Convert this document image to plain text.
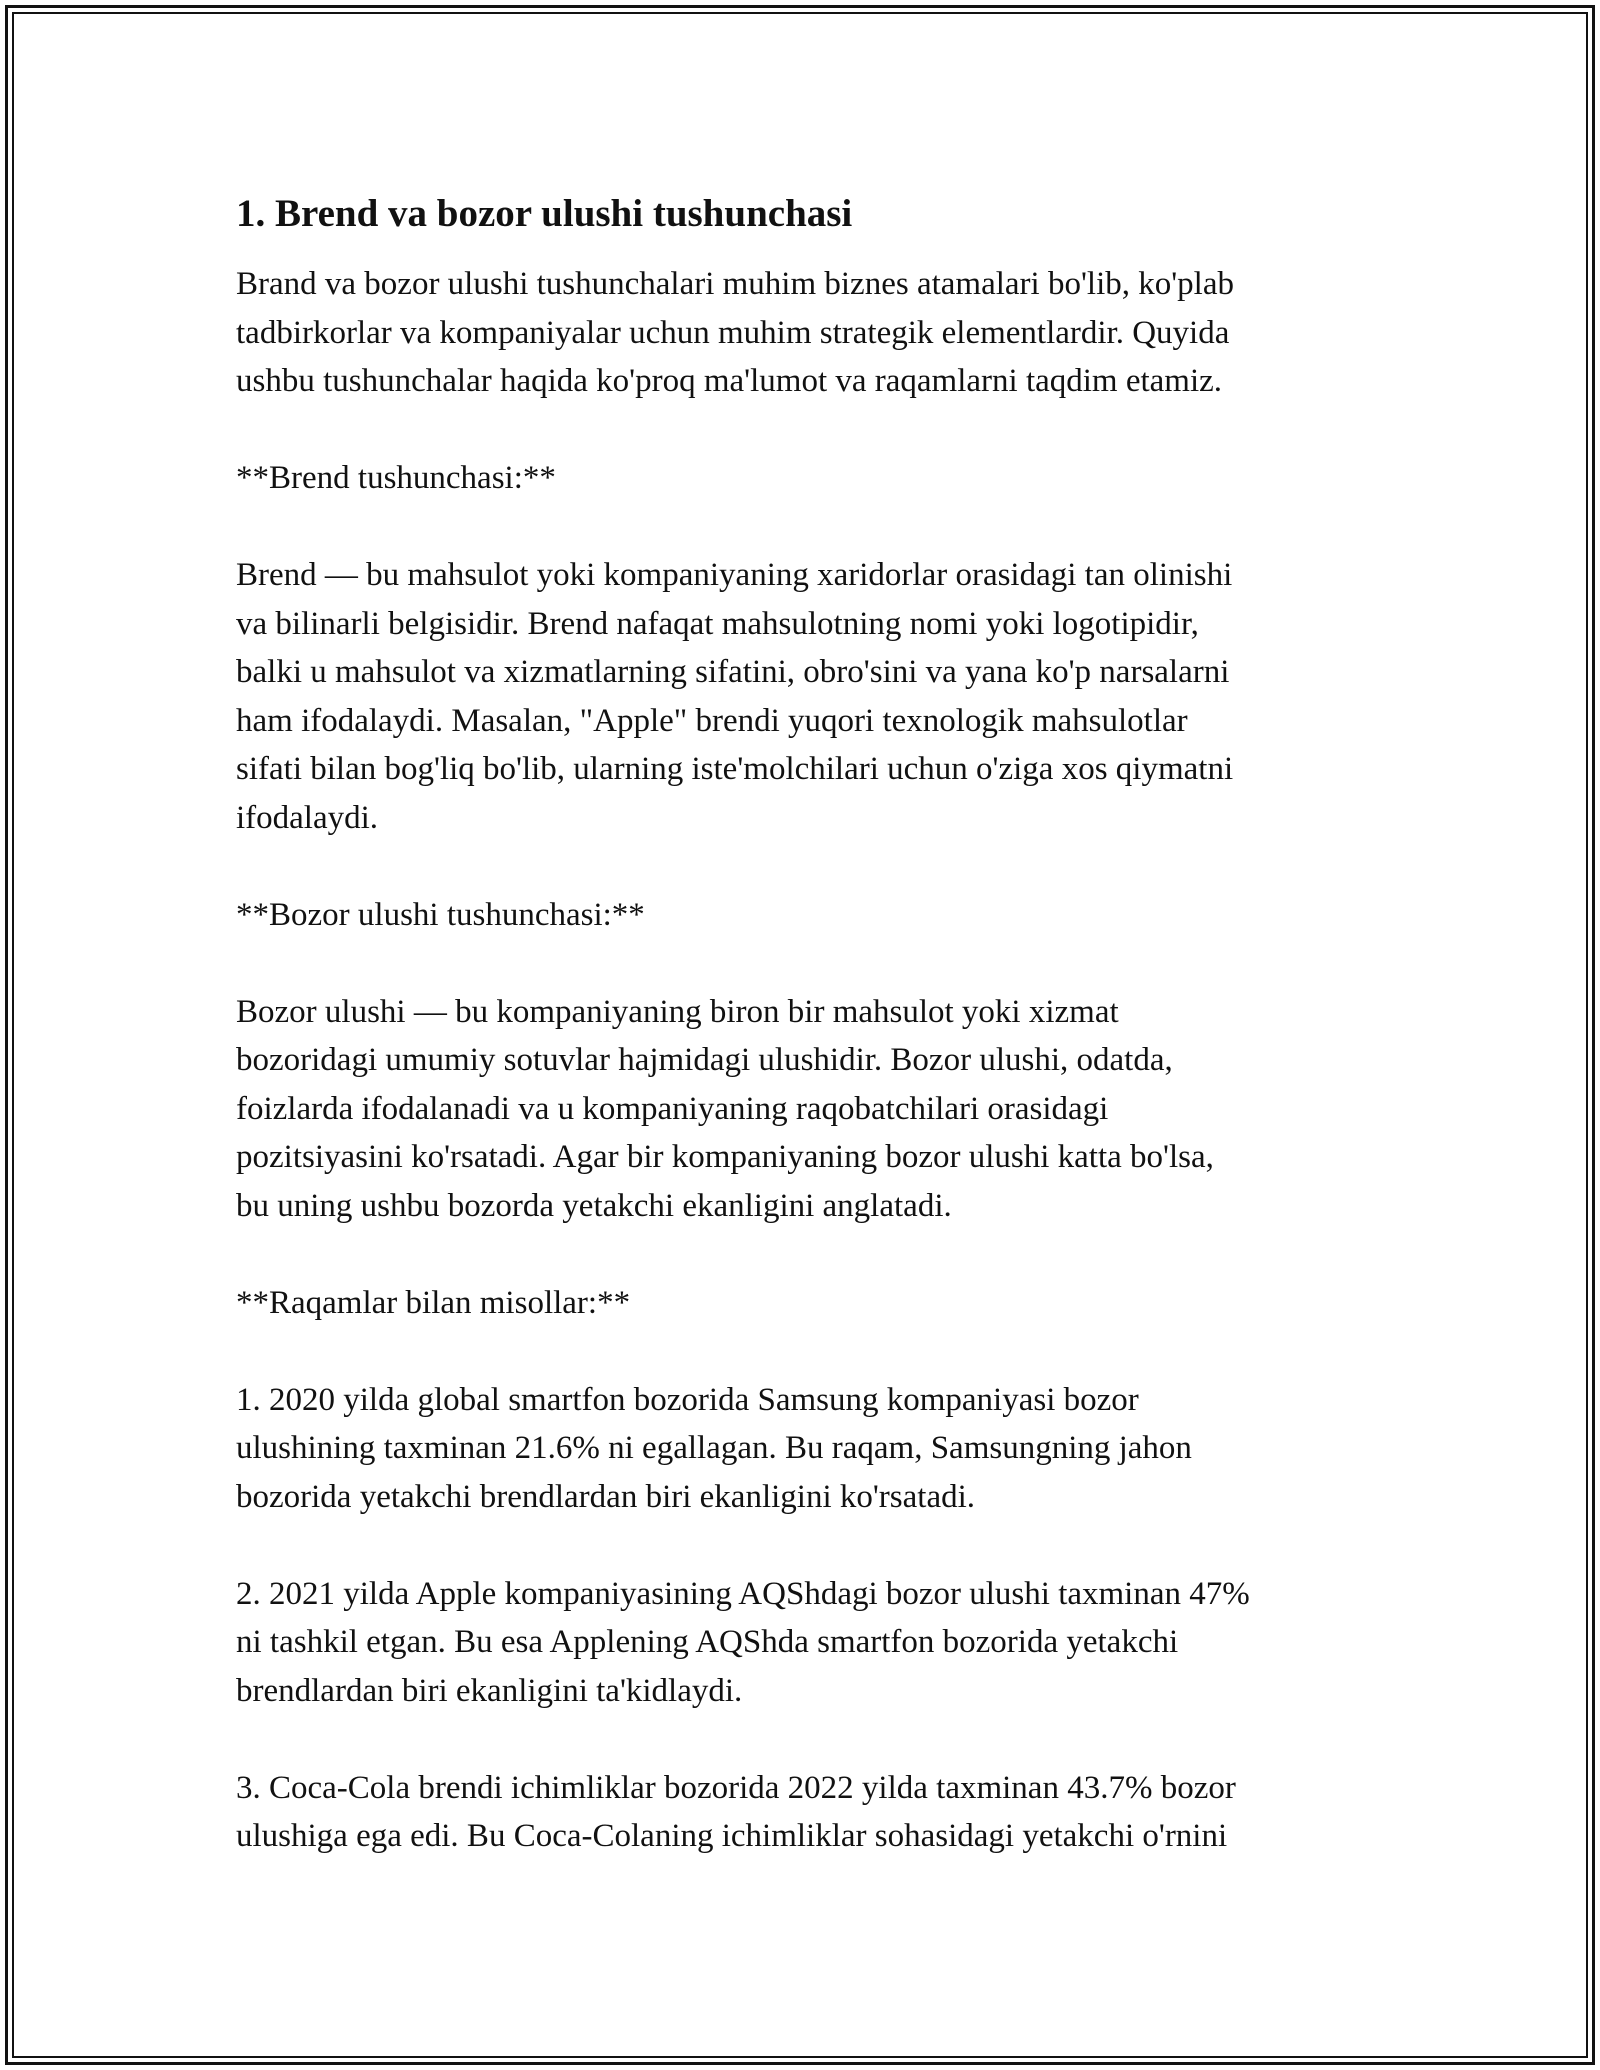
1. Brend va bozor ulushi tushunchasi

Brand va bozor ulushi tushunchalari muhim biznes atamalari bo'lib, ko'plab
tadbirkorlar va kompaniyalar uchun muhim strategik elementlardir. Quyida
ushbu tushunchalar haqida ko'proq ma'lumot va raqamlarni taqdim etamiz.

**Brend tushunchasi:**

Brend — bu mahsulot yoki kompaniyaning xaridorlar orasidagi tan olinishi
va bilinarli belgisidir. Brend nafaqat mahsulotning nomi yoki logotipidir,
balki u mahsulot va xizmatlarning sifatini, obro'sini va yana ko'p narsalarni
ham ifodalaydi. Masalan, "Apple" brendi yuqori texnologik mahsulotlar
sifati bilan bog'liq bo'lib, ularning iste'molchilari uchun o'ziga xos qiymatni
ifodalaydi.

**Bozor ulushi tushunchasi:**

Bozor ulushi — bu kompaniyaning biron bir mahsulot yoki xizmat
bozoridagi umumiy sotuvlar hajmidagi ulushidir. Bozor ulushi, odatda,
foizlarda ifodalanadi va u kompaniyaning raqobatchilari orasidagi
pozitsiyasini ko'rsatadi. Agar bir kompaniyaning bozor ulushi katta bo'lsa,
bu uning ushbu bozorda yetakchi ekanligini anglatadi.

**Raqamlar bilan misollar:**

1. 2020 yilda global smartfon bozorida Samsung kompaniyasi bozor
ulushining taxminan 21.6% ni egallagan. Bu raqam, Samsungning jahon
bozorida yetakchi brendlardan biri ekanligini ko'rsatadi.

2. 2021 yilda Apple kompaniyasining AQShdagi bozor ulushi taxminan 47%
ni tashkil etgan. Bu esa Applening AQShda smartfon bozorida yetakchi
brendlardan biri ekanligini ta'kidlaydi.

3. Coca-Cola brendi ichimliklar bozorida 2022 yilda taxminan 43.7% bozor
ulushiga ega edi. Bu Coca-Colaning ichimliklar sohasidagi yetakchi o'rnini
